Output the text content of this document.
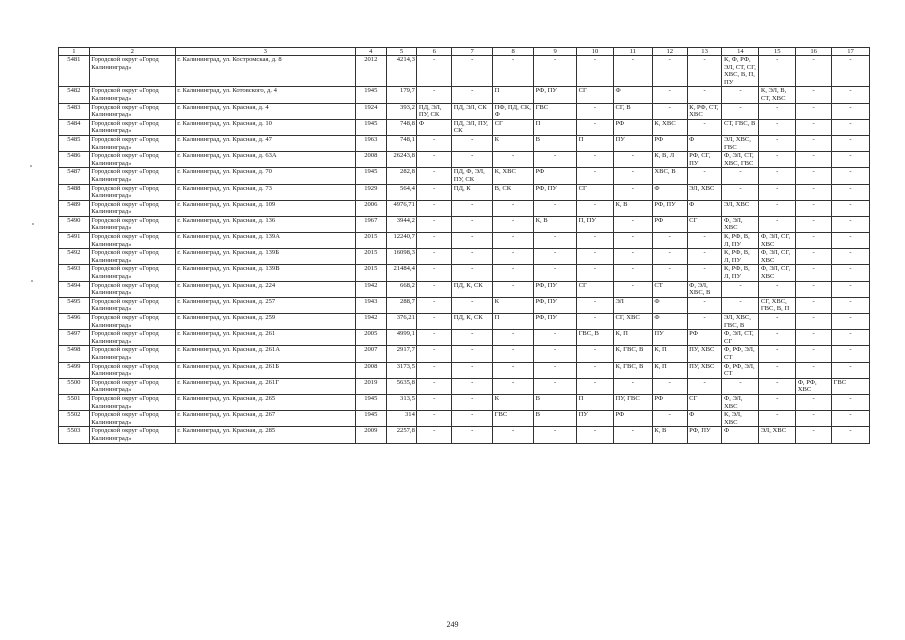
1	2	3	4	5	6	7	8	9	10	11	12	13	14	15	16	17
5481	Городской округ «Город Калининград»	г. Калининград, ул. Костромская, д. 8	2012	4214,3	-	-	-	-	-	-	-	-	К, Ф, РФ, ЭЛ, СТ, СГ, ХВС, В, П, ПУ	-	-	-
5482	Городской округ «Город Калининград»	г. Калининград, ул. Котовского, д. 4	1945	179,7	-	-	П	РФ, ПУ	СГ	Ф	-	-	-	К, ЭЛ, В, СТ, ХВС	-	-
5483	Городской округ «Город Калининград»	г. Калининград, ул. Красная, д. 4	1924	393,2	ПД, ЭЛ, ПУ, СК	ПД, ЭЛ, СК	ПФ, ПД, СК, Ф	ГВС	-	СГ, В	-	К, РФ, СТ, ХВС	-	-	-	-
5484	Городской округ «Город Калининград»	г. Калининград, ул. Красная, д. 10	1945	748,8	Ф	ПД, ЭЛ, ПУ, СК	СГ	П	-	РФ	К, ХВС	-	СТ, ГВС, В	-	-	-
5485	Городской округ «Город Калининград»	г. Калининград, ул. Красная, д. 47	1963	748,1	-	-	К	В	П	ПУ	РФ	Ф	ЭЛ, ХВС, ГВС	-	-	-
5486	Городской округ «Город Калининград»	г. Калининград, ул. Красная, д. 63А	2008	26243,8	-	-	-	-	-	-	К, В, Л	РФ, СГ, ПУ	Ф, ЭЛ, СТ, ХВС, ГВС	-	-	-
5487	Городской округ «Город Калининград»	г. Калининград, ул. Красная, д. 70	1945	282,8	-	ПД, Ф, ЭЛ, ПУ, СК	К, ХВС	РФ	-	-	ХВС, В	-	-	-	-	-
5488	Городской округ «Город Калининград»	г. Калининград, ул. Красная, д. 73	1929	564,4	-	ПД, К	В, СК	РФ, ПУ	СГ	-	Ф	ЭЛ, ХВС	-	-	-	-
5489	Городской округ «Город Калининград»	г. Калининград, ул. Красная, д. 109	2006	4976,71	-	-	-	-	-	К, В	РФ, ПУ	Ф	ЭЛ, ХВС	-	-	-
5490	Городской округ «Город Калининград»	г. Калининград, ул. Красная, д. 136	1967	3944,2	-	-	-	К, В	П, ПУ	-	РФ	СГ	Ф, ЭЛ, ХВС	-	-	-
5491	Городской округ «Город Калининград»	г. Калининград, ул. Красная, д. 139А	2015	12240,7	-	-	-	-	-	-	-	-	К, РФ, В, Л, ПУ	Ф, ЭЛ, СГ, ХВС	-	-
5492	Городской округ «Город Калининград»	г. Калининград, ул. Красная, д. 139Б	2015	16098,3	-	-	-	-	-	-	-	-	К, РФ, В, Л, ПУ	Ф, ЭЛ, СГ, ХВС	-	-
5493	Городской округ «Город Калининград»	г. Калининград, ул. Красная, д. 139В	2015	21484,4	-	-	-	-	-	-	-	-	К, РФ, В, Л, ПУ	Ф, ЭЛ, СГ, ХВС	-	-
5494	Городской округ «Город Калининград»	г. Калининград, ул. Красная, д. 224	1942	668,2	-	ПД, К, СК	-	РФ, ПУ	СГ	-	СТ	Ф, ЭЛ, ХВС, В	-	-	-	-
5495	Городской округ «Город Калининград»	г. Калининград, ул. Красная, д. 257	1943	288,7	-	-	К	РФ, ПУ	-	ЭЛ	Ф	-	-	СГ, ХВС, ГВС, В, П	-	-
5496	Городской округ «Город Калининград»	г. Калининград, ул. Красная, д. 259	1942	376,21	-	ПД, К, СК	П	РФ, ПУ	-	СГ, ХВС	Ф	-	ЭЛ, ХВС, ГВС, В	-	-	-
5497	Городской округ «Город Калининград»	г. Калининград, ул. Красная, д. 261	2005	4999,1	-	-	-	-	ГВС, В	К, П	ПУ	РФ	Ф, ЭЛ, СТ, СГ	-	-	-
5498	Городской округ «Город Калининград»	г. Калининград, ул. Красная, д. 261А	2007	2917,7	-	-	-	-	-	К, ГВС, В	К, П	ПУ, ХВС	Ф, РФ, ЭЛ, СТ	-	-	-
5499	Городской округ «Город Калининград»	г. Калининград, ул. Красная, д. 261Б	2008	3173,5	-	-	-	-	-	К, ГВС, В	К, П	ПУ, ХВС	Ф, РФ, ЭЛ, СТ	-	-	-
5500	Городской округ «Город Калининград»	г. Калининград, ул. Красная, д. 261Г	2019	5635,8	-	-	-	-	-	-	-	-	-	-	Ф, РФ, ХВС	ГВС
5501	Городской округ «Город Калининград»	г. Калининград, ул. Красная, д. 265	1945	313,5	-	-	К	В	П	ПУ, ГВС	РФ	СГ	Ф, ЭЛ, ХВС	-	-	-
5502	Городской округ «Город Калининград»	г. Калининград, ул. Красная, д. 267	1945	314	-	-	ГВС	В	ПУ	РФ	-	Ф	К, ЭЛ, ХВС	-	-	-
5503	Городской округ «Город Калининград»	г. Калининград, ул. Красная, д. 285	2009	2257,8	-	-	-	-	-	-	К, В	РФ, ПУ	Ф	ЭЛ, ХВС	-	-
249
